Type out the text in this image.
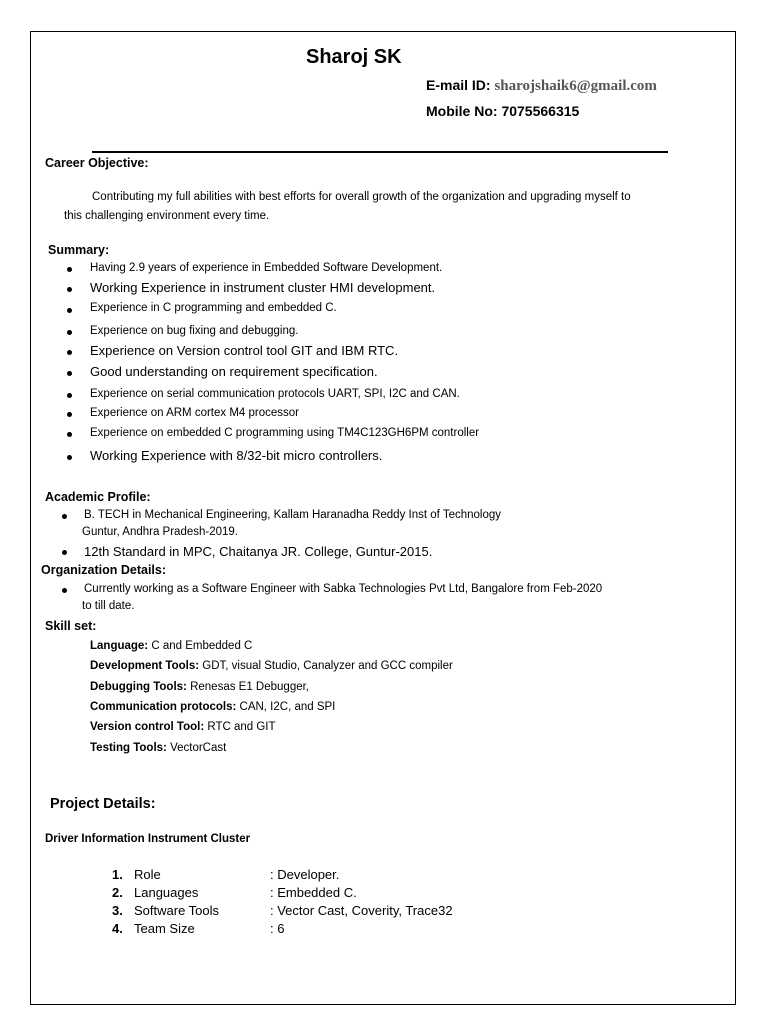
Sharoj SK
E-mail ID: sharojshaik6@gmail.com
Mobile No: 7075566315
Career Objective:
Contributing my full abilities with best efforts for overall growth of the organization and upgrading myself to
this challenging environment every time.
Summary:
Having 2.9 years of experience in Embedded Software Development.
Working Experience in instrument cluster HMI development.
Experience in C programming and embedded C.
Experience on bug fixing and debugging.
Experience on Version control tool GIT and IBM RTC.
Good understanding on requirement specification.
Experience on serial communication protocols UART, SPI, I2C and CAN.
Experience on ARM cortex M4 processor
Experience on embedded C programming using TM4C123GH6PM controller
Working Experience with 8/32-bit micro controllers.
Academic Profile:
B. TECH in Mechanical Engineering, Kallam Haranadha Reddy Inst of Technology
Guntur, Andhra Pradesh-2019.
12th Standard in MPC, Chaitanya JR. College, Guntur-2015.
Organization Details:
Currently working as a Software Engineer with Sabka Technologies Pvt Ltd, Bangalore from Feb-2020
to till date.
Skill set:
Language: C and Embedded C
Development Tools: GDT, visual Studio, Canalyzer and GCC compiler
Debugging Tools: Renesas E1 Debugger,
Communication protocols: CAN, I2C, and SPI
Version control Tool: RTC and GIT
Testing Tools: VectorCast
Project Details:
Driver Information Instrument Cluster
1. Role	: Developer.
2. Languages	: Embedded C.
3. Software Tools	: Vector Cast, Coverity, Trace32
4. Team Size	: 6
